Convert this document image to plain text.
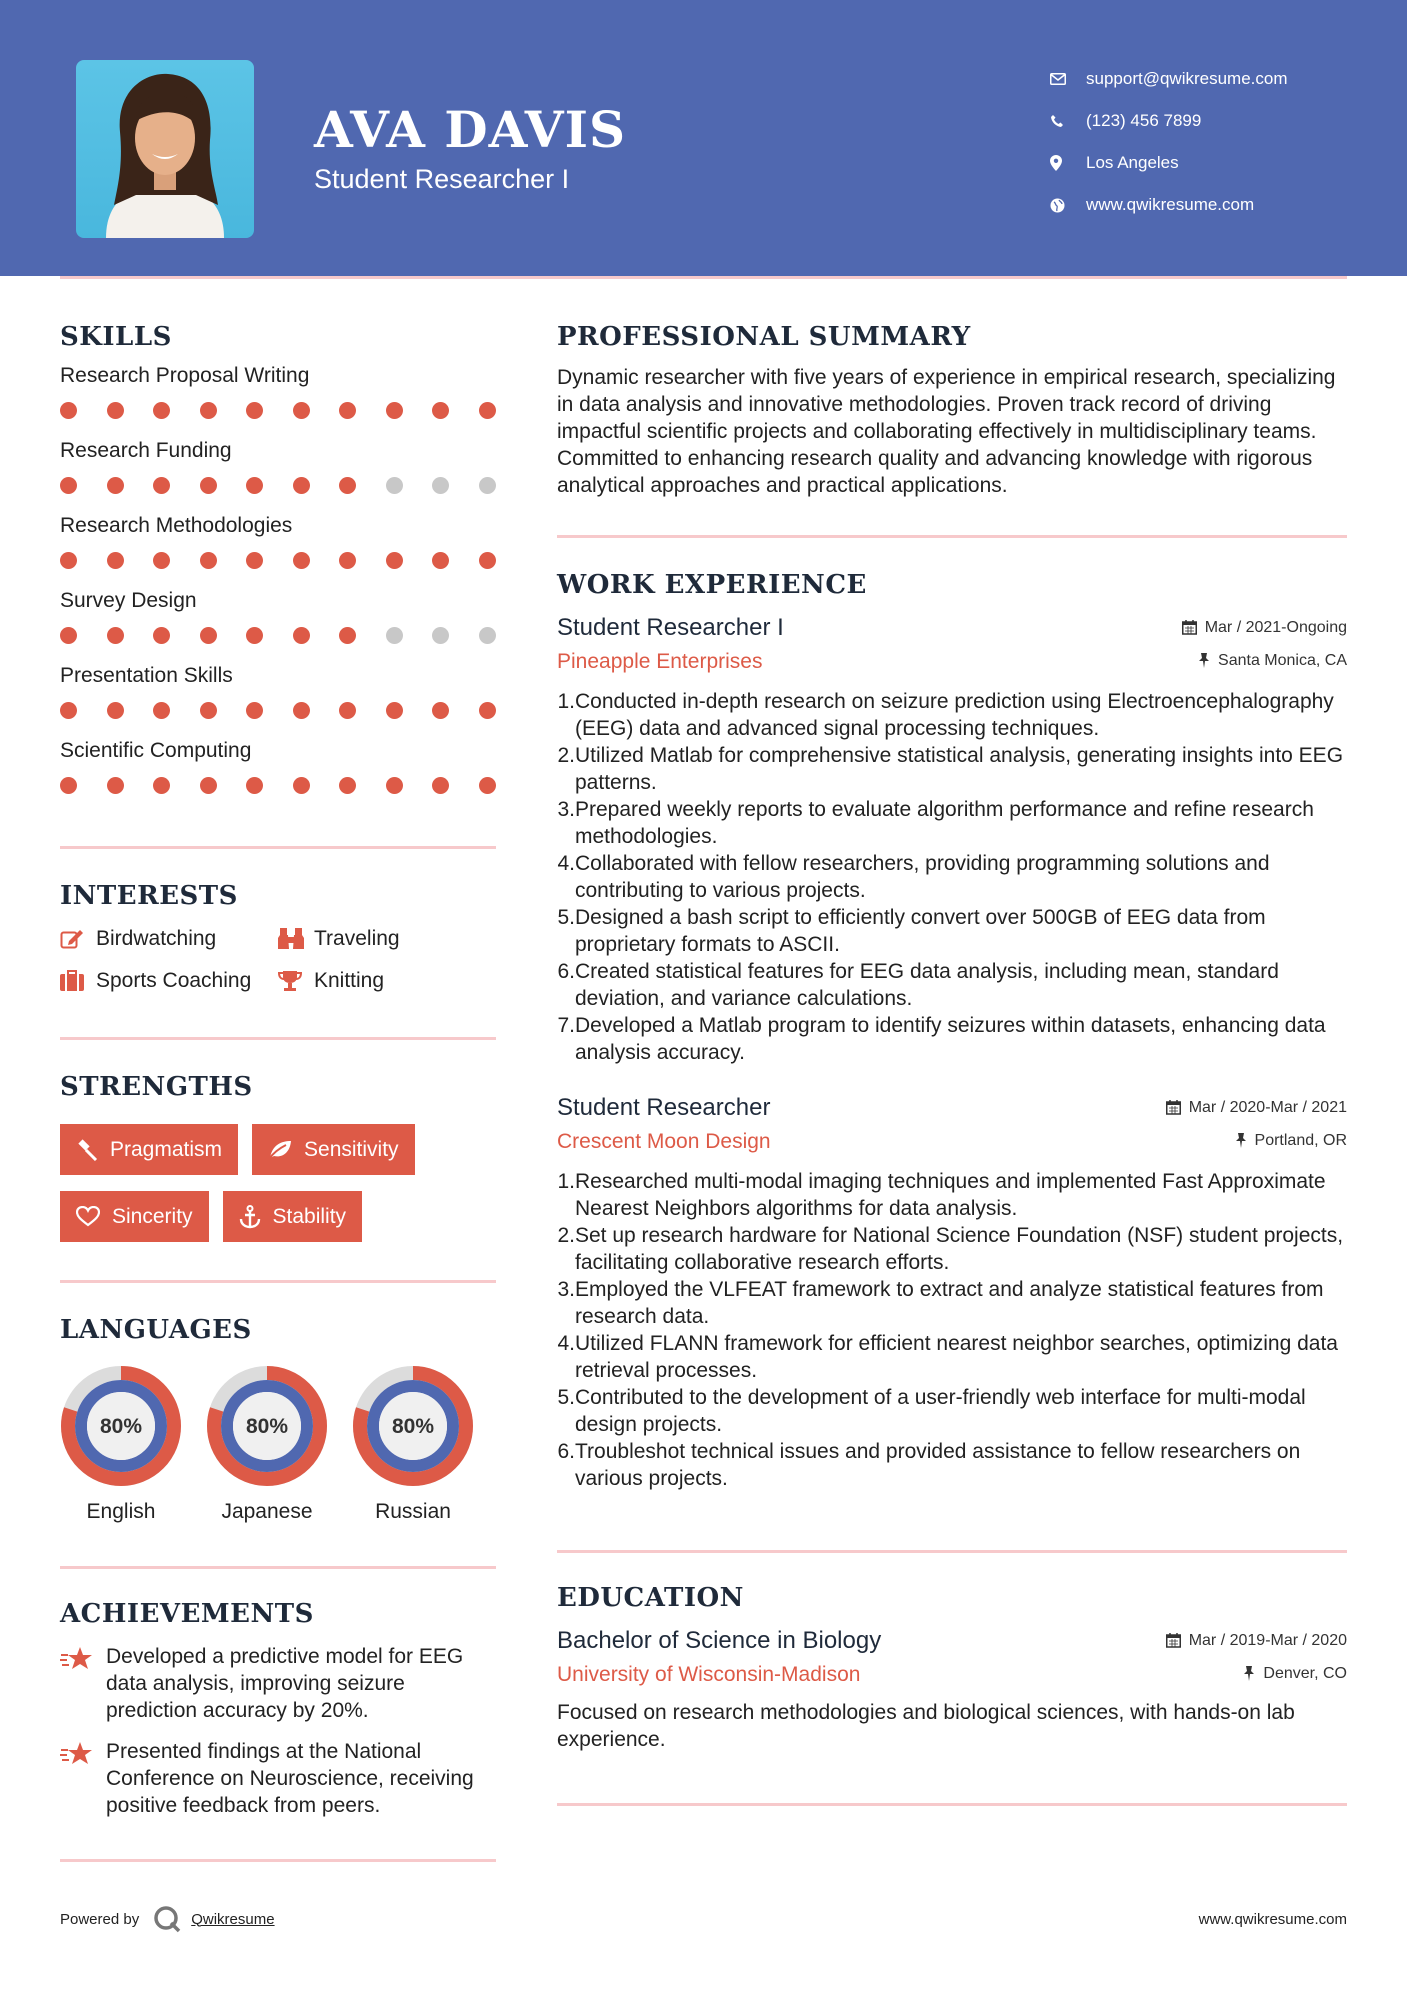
AVA DAVIS
Student Researcher I
support@qwikresume.com
(123) 456 7899
Los Angeles
www.qwikresume.com
SKILLS
Research Proposal Writing
Research Funding
Research Methodologies
Survey Design
Presentation Skills
Scientific Computing
INTERESTS
Birdwatching	Traveling
Sports Coaching	Knitting
STRENGTHS
Pragmatism	Sensitivity
Sincerity	Stability
LANGUAGES
80%
English
80%
Japanese
80%
Russian
ACHIEVEMENTS
Developed a predictive model for EEG data analysis, improving seizure prediction accuracy by 20%.
Presented findings at the National Conference on Neuroscience, receiving positive feedback from peers.
PROFESSIONAL SUMMARY
Dynamic researcher with five years of experience in empirical research, specializing in data analysis and innovative methodologies. Proven track record of driving impactful scientific projects and collaborating effectively in multidisciplinary teams. Committed to enhancing research quality and advancing knowledge with rigorous analytical approaches and practical applications.
WORK EXPERIENCE
Student Researcher I	Mar / 2021-Ongoing
Pineapple Enterprises	Santa Monica, CA
1. Conducted in-depth research on seizure prediction using Electroencephalography (EEG) data and advanced signal processing techniques.
2. Utilized Matlab for comprehensive statistical analysis, generating insights into EEG patterns.
3. Prepared weekly reports to evaluate algorithm performance and refine research methodologies.
4. Collaborated with fellow researchers, providing programming solutions and contributing to various projects.
5. Designed a bash script to efficiently convert over 500GB of EEG data from proprietary formats to ASCII.
6. Created statistical features for EEG data analysis, including mean, standard deviation, and variance calculations.
7. Developed a Matlab program to identify seizures within datasets, enhancing data analysis accuracy.
Student Researcher	Mar / 2020-Mar / 2021
Crescent Moon Design	Portland, OR
1. Researched multi-modal imaging techniques and implemented Fast Approximate Nearest Neighbors algorithms for data analysis.
2. Set up research hardware for National Science Foundation (NSF) student projects, facilitating collaborative research efforts.
3. Employed the VLFEAT framework to extract and analyze statistical features from research data.
4. Utilized FLANN framework for efficient nearest neighbor searches, optimizing data retrieval processes.
5. Contributed to the development of a user-friendly web interface for multi-modal design projects.
6. Troubleshot technical issues and provided assistance to fellow researchers on various projects.
EDUCATION
Bachelor of Science in Biology	Mar / 2019-Mar / 2020
University of Wisconsin-Madison	Denver, CO
Focused on research methodologies and biological sciences, with hands-on lab experience.
Powered by	Qwikresume	www.qwikresume.com
